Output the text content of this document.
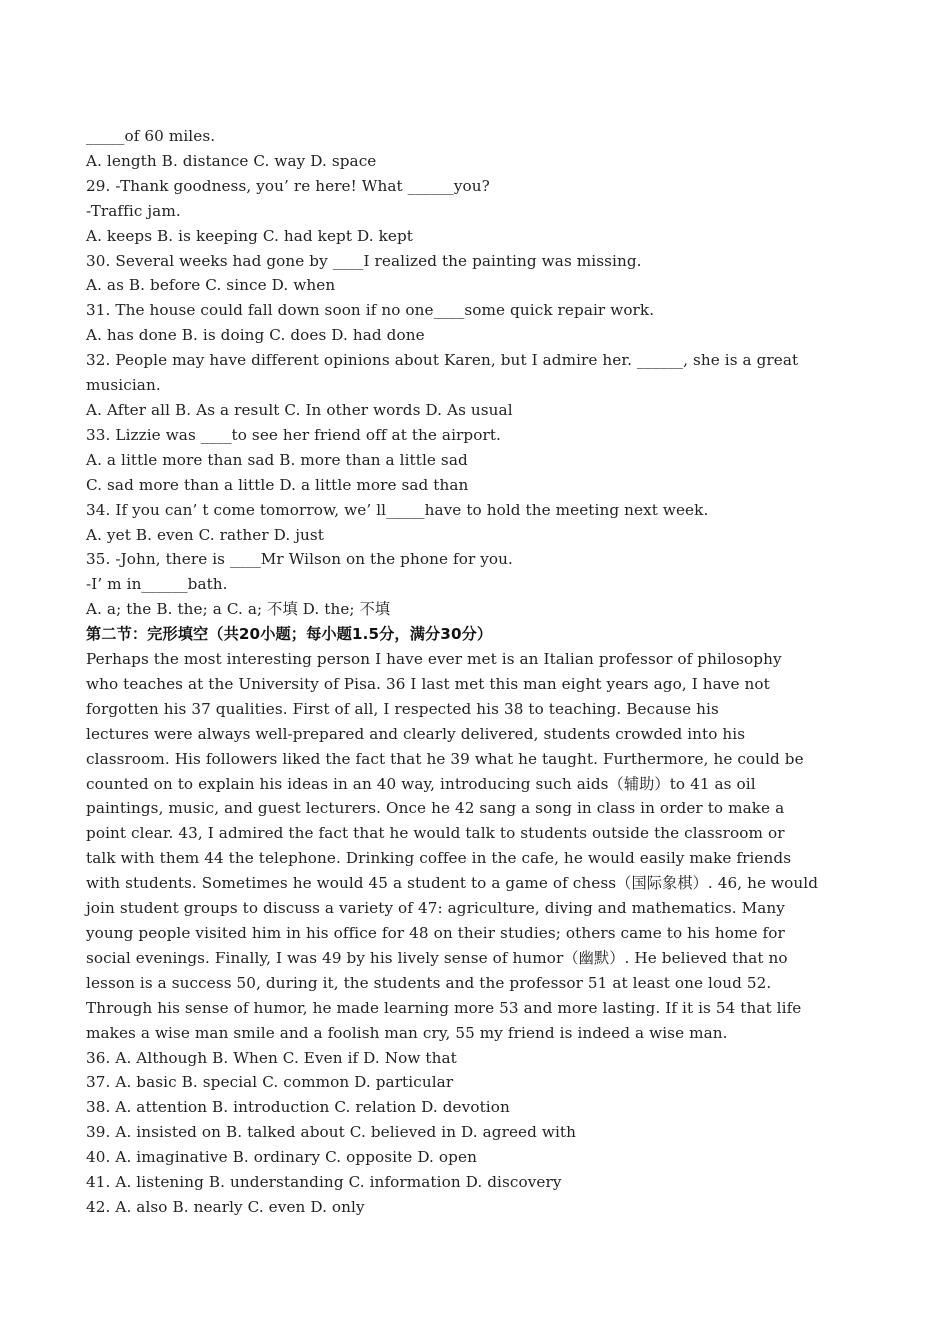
_____of 60 miles.
A. length B. distance C. way D. space
29. -Thank goodness, you’ re here! What ______you?
-Traffic jam.
A. keeps B. is keeping C. had kept D. kept
30. Several weeks had gone by ____I realized the painting was missing.
A. as B. before C. since D. when
31. The house could fall down soon if no one____some quick repair work.
A. has done B. is doing C. does D. had done
32. People may have different opinions about Karen, but I admire her. ______, she is a great
musician.
A. After all B. As a result C. In other words D. As usual
33. Lizzie was ____to see her friend off at the airport.
A. a little more than sad B. more than a little sad
C. sad more than a little D. a little more sad than
34. If you can’ t come tomorrow, we’ ll_____have to hold the meeting next week.
A. yet B. even C. rather D. just
35. -John, there is ____Mr Wilson on the phone for you.
-I’ m in______bath.
A. a; the B. the; a C. a; 不填 D. the; 不填
第二节：完形填空（共20小题；每小题1.5分，满分30分）
Perhaps the most interesting person I have ever met is an Italian professor of philosophy
who teaches at the University of Pisa. 36 I last met this man eight years ago, I have not
forgotten his 37 qualities. First of all, I respected his 38 to teaching. Because his
lectures were always well-prepared and clearly delivered, students crowded into his
classroom. His followers liked the fact that he 39 what he taught. Furthermore, he could be
counted on to explain his ideas in an 40 way, introducing such aids（辅助）to 41 as oil
paintings, music, and guest lecturers. Once he 42 sang a song in class in order to make a
point clear. 43, I admired the fact that he would talk to students outside the classroom or
talk with them 44 the telephone. Drinking coffee in the cafe, he would easily make friends
with students. Sometimes he would 45 a student to a game of chess（国际象棋）. 46, he would
join student groups to discuss a variety of 47: agriculture, diving and mathematics. Many
young people visited him in his office for 48 on their studies; others came to his home for
social evenings. Finally, I was 49 by his lively sense of humor（幽默）. He believed that no
lesson is a success 50, during it, the students and the professor 51 at least one loud 52.
Through his sense of humor, he made learning more 53 and more lasting. If it is 54 that life
makes a wise man smile and a foolish man cry, 55 my friend is indeed a wise man.
36. A. Although B. When C. Even if D. Now that
37. A. basic B. special C. common D. particular
38. A. attention B. introduction C. relation D. devotion
39. A. insisted on B. talked about C. believed in D. agreed with
40. A. imaginative B. ordinary C. opposite D. open
41. A. listening B. understanding C. information D. discovery
42. A. also B. nearly C. even D. only
